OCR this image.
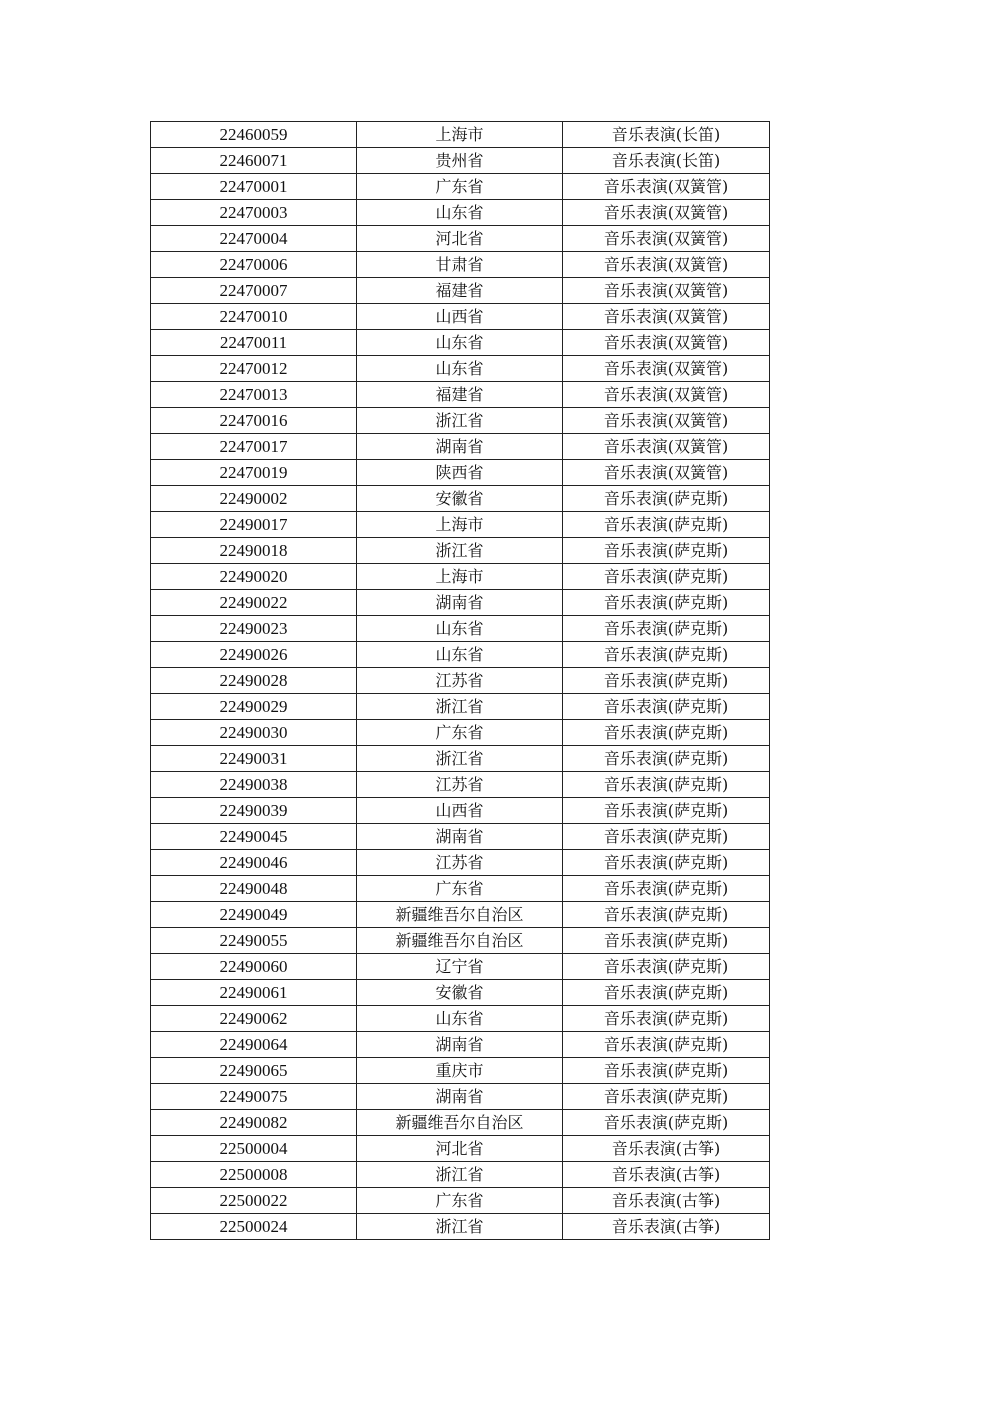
22460059	上海市	音乐表演(长笛)
22460071	贵州省	音乐表演(长笛)
22470001	广东省	音乐表演(双簧管)
22470003	山东省	音乐表演(双簧管)
22470004	河北省	音乐表演(双簧管)
22470006	甘肃省	音乐表演(双簧管)
22470007	福建省	音乐表演(双簧管)
22470010	山西省	音乐表演(双簧管)
22470011	山东省	音乐表演(双簧管)
22470012	山东省	音乐表演(双簧管)
22470013	福建省	音乐表演(双簧管)
22470016	浙江省	音乐表演(双簧管)
22470017	湖南省	音乐表演(双簧管)
22470019	陕西省	音乐表演(双簧管)
22490002	安徽省	音乐表演(萨克斯)
22490017	上海市	音乐表演(萨克斯)
22490018	浙江省	音乐表演(萨克斯)
22490020	上海市	音乐表演(萨克斯)
22490022	湖南省	音乐表演(萨克斯)
22490023	山东省	音乐表演(萨克斯)
22490026	山东省	音乐表演(萨克斯)
22490028	江苏省	音乐表演(萨克斯)
22490029	浙江省	音乐表演(萨克斯)
22490030	广东省	音乐表演(萨克斯)
22490031	浙江省	音乐表演(萨克斯)
22490038	江苏省	音乐表演(萨克斯)
22490039	山西省	音乐表演(萨克斯)
22490045	湖南省	音乐表演(萨克斯)
22490046	江苏省	音乐表演(萨克斯)
22490048	广东省	音乐表演(萨克斯)
22490049	新疆维吾尔自治区	音乐表演(萨克斯)
22490055	新疆维吾尔自治区	音乐表演(萨克斯)
22490060	辽宁省	音乐表演(萨克斯)
22490061	安徽省	音乐表演(萨克斯)
22490062	山东省	音乐表演(萨克斯)
22490064	湖南省	音乐表演(萨克斯)
22490065	重庆市	音乐表演(萨克斯)
22490075	湖南省	音乐表演(萨克斯)
22490082	新疆维吾尔自治区	音乐表演(萨克斯)
22500004	河北省	音乐表演(古筝)
22500008	浙江省	音乐表演(古筝)
22500022	广东省	音乐表演(古筝)
22500024	浙江省	音乐表演(古筝)
